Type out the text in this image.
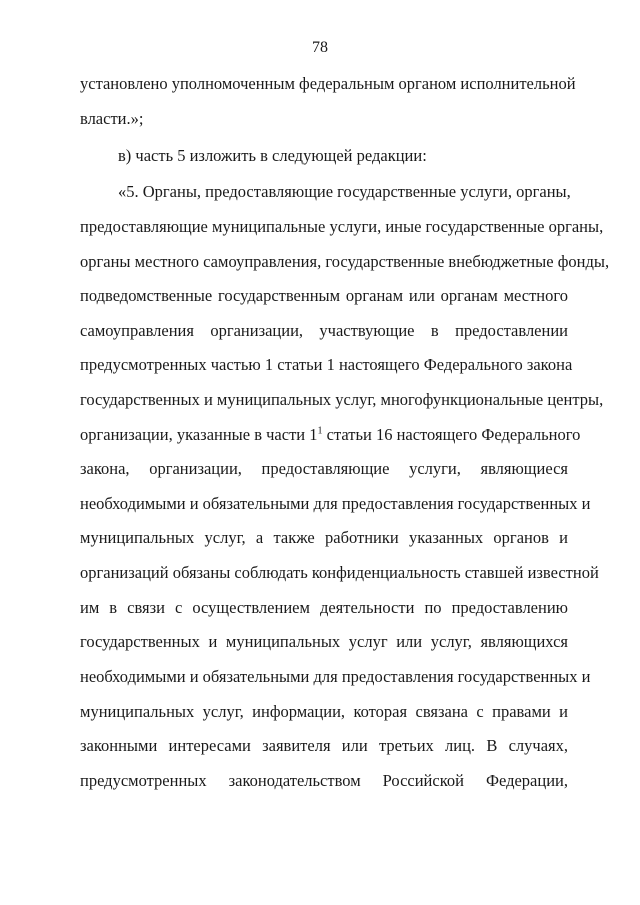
78
установлено уполномоченным федеральным органом исполнительной
власти.»;
в) часть 5 изложить в следующей редакции:
«5. Органы, предоставляющие государственные услуги, органы,
предоставляющие муниципальные услуги, иные государственные органы,
органы местного самоуправления, государственные внебюджетные фонды,
подведомственные государственным органам или органам местного
самоуправления организации, участвующие в предоставлении
предусмотренных частью 1 статьи 1 настоящего Федерального закона
государственных и муниципальных услуг, многофункциональные центры,
организации, указанные в части $1^1$ статьи 16 настоящего Федерального
закона, организации, предоставляющие услуги, являющиеся
необходимыми и обязательными для предоставления государственных и
муниципальных услуг, а также работники указанных органов и
организаций обязаны соблюдать конфиденциальность ставшей известной
им в связи с осуществлением деятельности по предоставлению
государственных и муниципальных услуг или услуг, являющихся
необходимыми и обязательными для предоставления государственных и
муниципальных услуг, информации, которая связана с правами и
законными интересами заявителя или третьих лиц. В случаях,
предусмотренных законодательством Российской Федерации,
